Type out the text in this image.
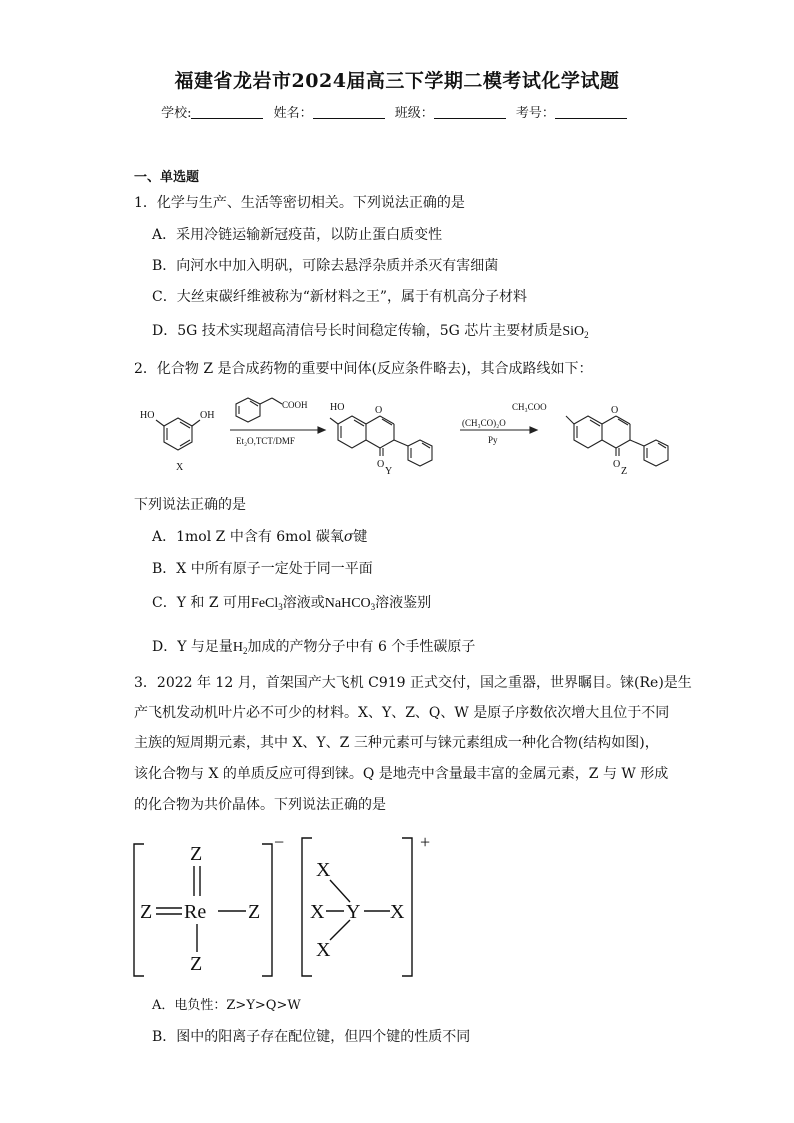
福建省龙岩市2024届高三下学期二模考试化学试题
学校:	姓名：	班级：	考号：
一、单选题
1．化学与生产、生活等密切相关。下列说法正确的是
A．采用冷链运输新冠疫苗，以防止蛋白质变性
B．向河水中加入明矾，可除去悬浮杂质并杀灭有害细菌
C．大丝束碳纤维被称为“新材料之王”，属于有机高分子材料
D．5G 技术实现超高清信号长时间稳定传输，5G 芯片主要材质是SiO$_2$
2．化合物 Z 是合成药物的重要中间体(反应条件略去)，其合成路线如下：
HO	OH
X
COOH
Et₂O,TCT/DMF
HO	O
O
Y
(CH₃CO)₂O
Py
CH₃COO	O
O
Z
下列说法正确的是
A．1mol Z 中含有 6mol 碳氧σ键
B．X 中所有原子一定处于同一平面
C．Y 和 Z 可用FeCl$_3$溶液或NaHCO$_3$溶液鉴别
D．Y 与足量$H_2$加成的产物分子中有 6 个手性碳原子
3．2022 年 12 月，首架国产大飞机 C919 正式交付，国之重器，世界瞩目。铼(Re)是生
产飞机发动机叶片必不可少的材料。X、Y、Z、Q、W 是原子序数依次增大且位于不同
主族的短周期元素，其中 X、Y、Z 三种元素可与铼元素组成一种化合物(结构如图)，
该化合物与 X 的单质反应可得到铼。Q 是地壳中含量最丰富的金属元素，Z 与 W 形成
的化合物为共价晶体。下列说法正确的是
Z
Z Re Z
Z
−
X
X Y X
X
+
A．电负性：Z>Y>Q>W
B．图中的阳离子存在配位键，但四个键的性质不同
